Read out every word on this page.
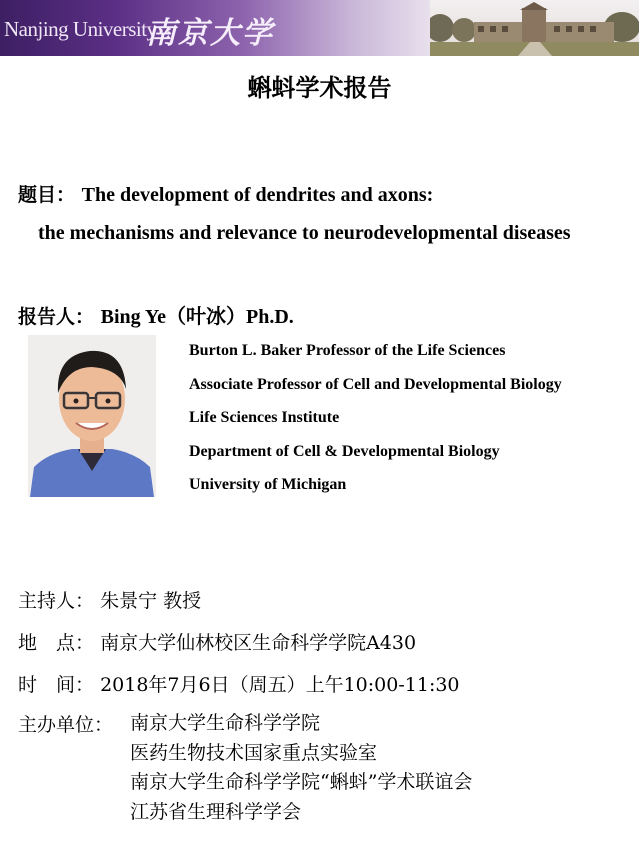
Nanjing University
南京大学
蝌蚪学术报告
题目： The development of dendrites and axons:
the mechanisms and relevance to neurodevelopmental diseases
报告人： Bing Ye（叶冰）Ph.D.
Burton L. Baker Professor of the Life Sciences
Associate Professor of Cell and Developmental Biology
Life Sciences Institute
Department of Cell & Developmental Biology
University of Michigan
主持人： 朱景宁 教授
地　点： 南京大学仙林校区生命科学学院A430
时　间： 2018年7月6日（周五）上午10:00-11:30
主办单位： 南京大学生命科学学院
医药生物技术国家重点实验室
南京大学生命科学学院“蝌蚪”学术联谊会
江苏省生理科学学会
